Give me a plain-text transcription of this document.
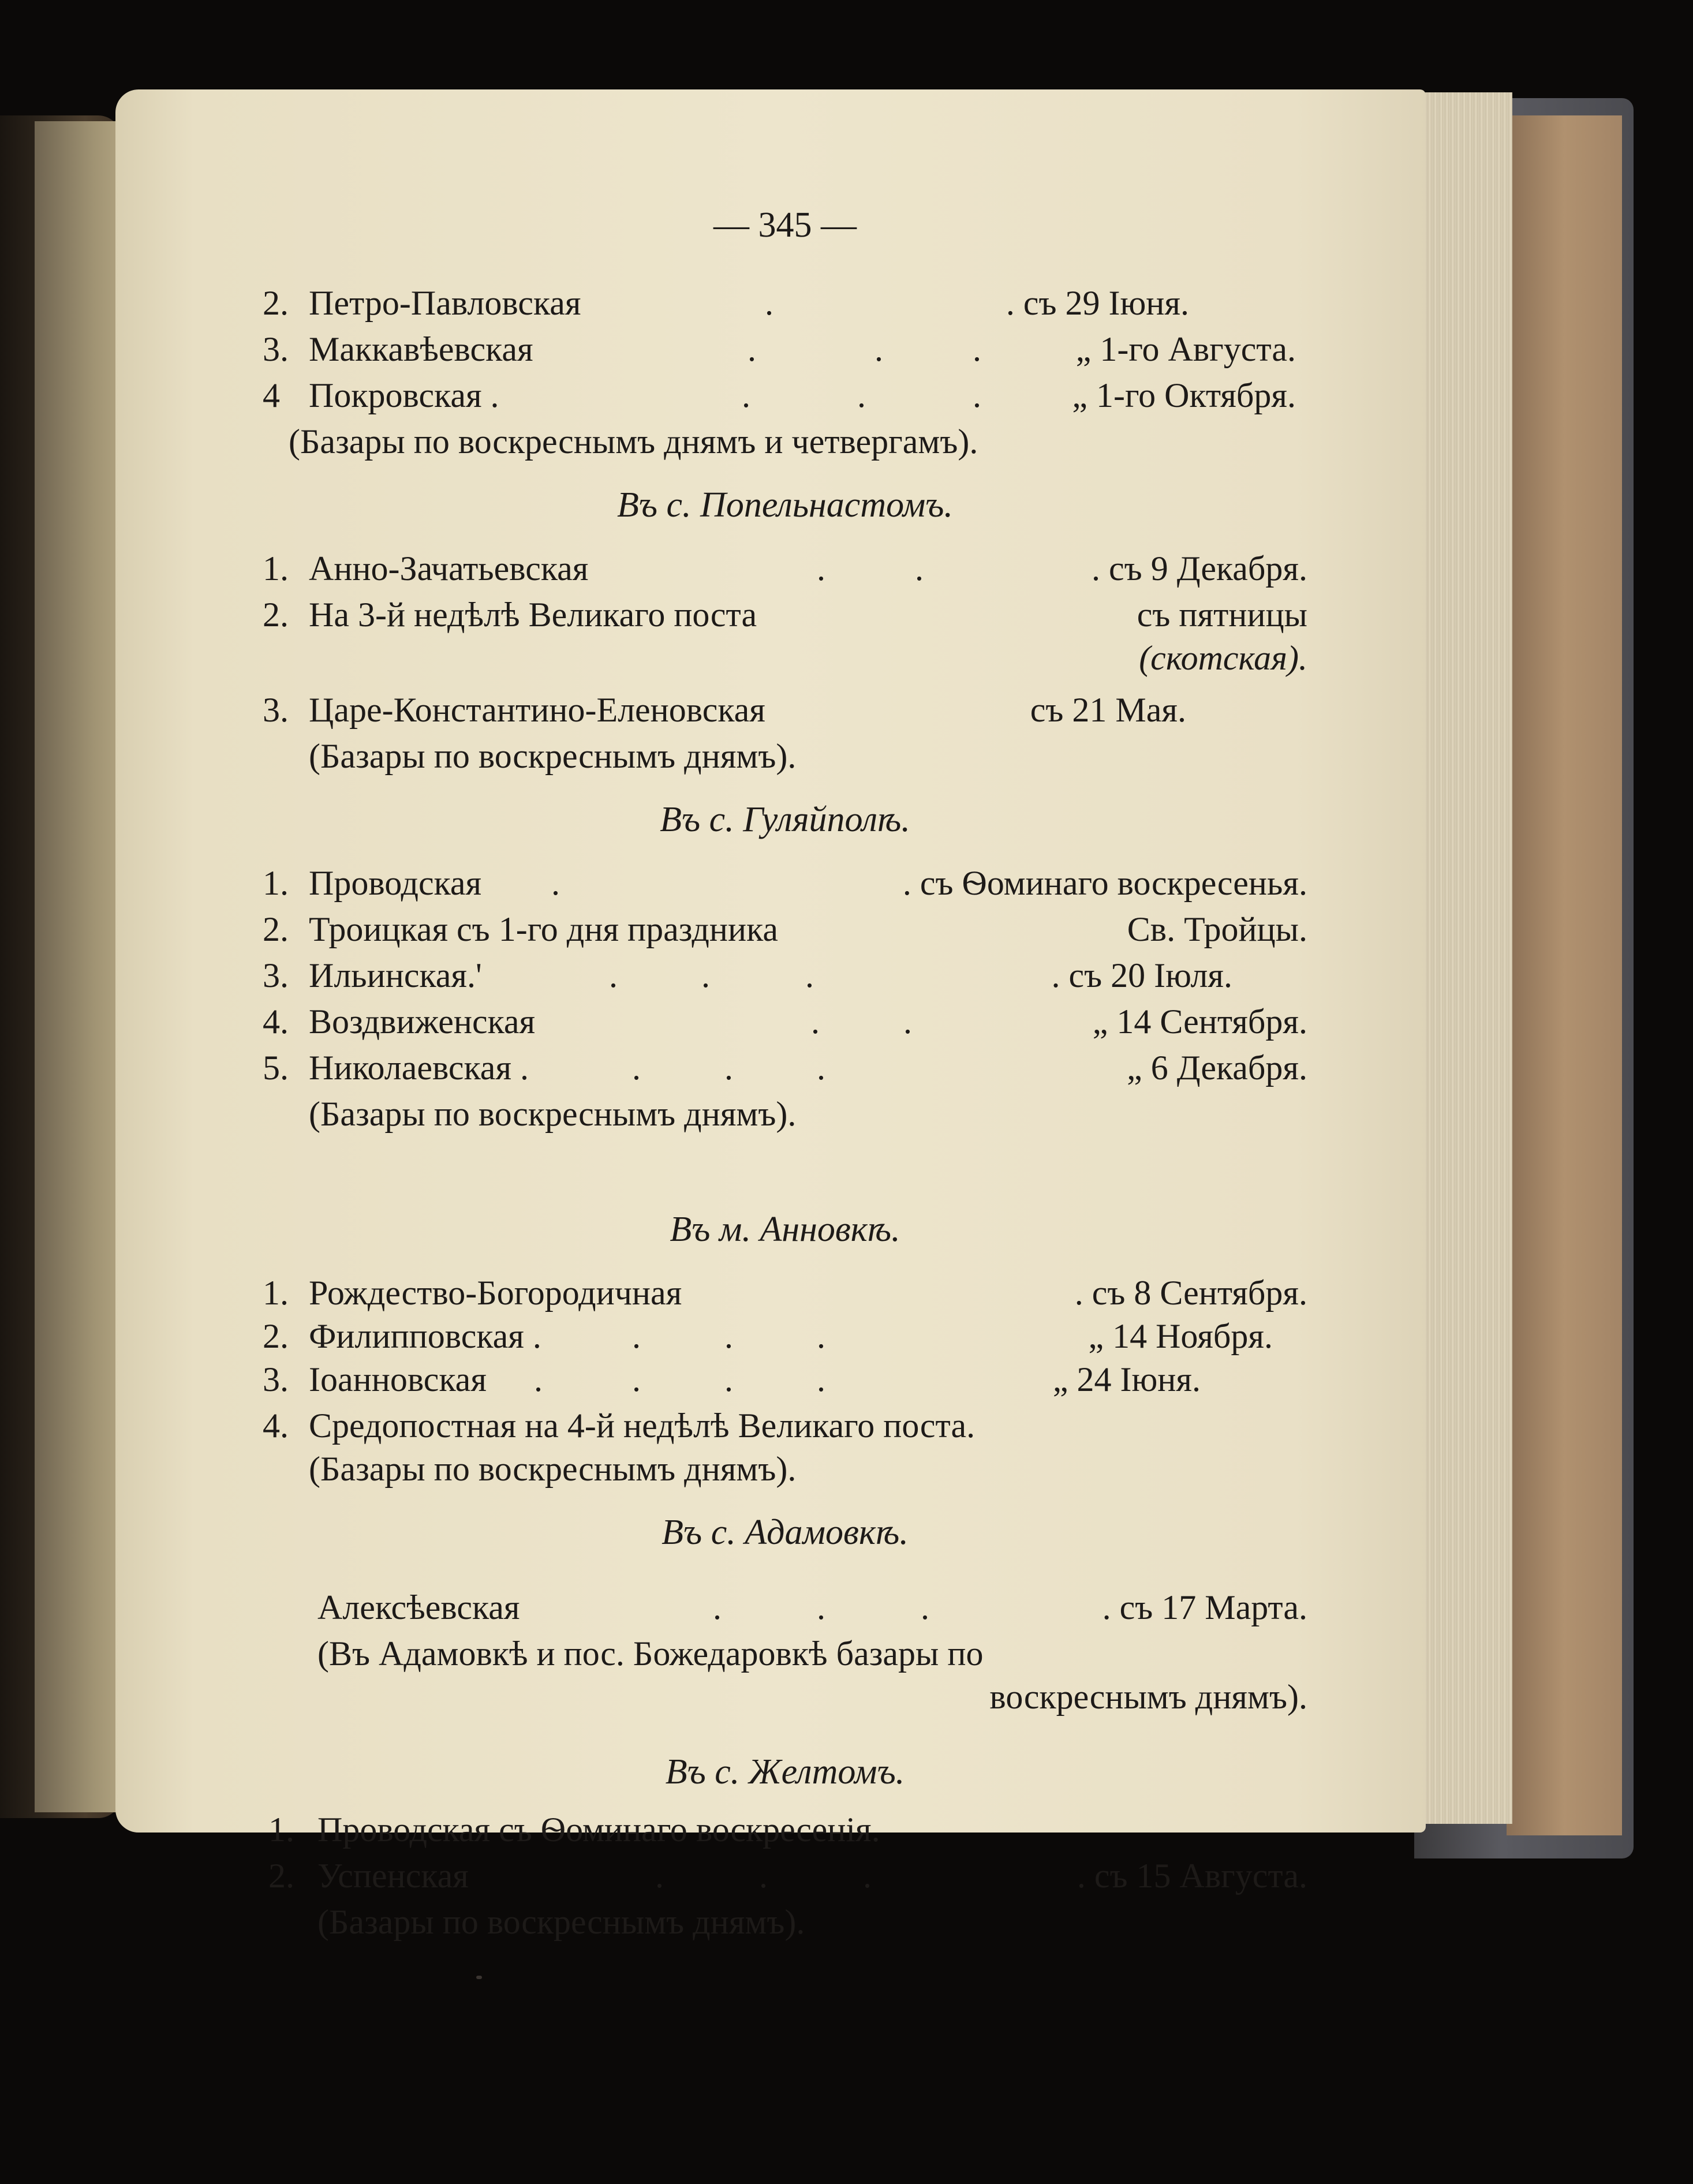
— 345 —
2. Петро-Павловская	.	. съ 29 Іюня.
3. Маккавѣевская	.	.	.	„ 1-го Августа.
4 Покровская .	.	.	.	„ 1-го Октября.
(Базары по воскреснымъ днямъ и четвергамъ).
Въ с. Попельнастомъ.
1. Анно-Зачатьевская	.	.	. съ 9 Декабря.
2. На 3-й недѣлѣ Великаго поста	съ пятницы
(скотская).
3. Царе-Константино-Еленовская	съ 21 Мая.
(Базары по воскреснымъ днямъ).
Въ с. Гуляйполѣ.
1. Проводская .	. съ Ѳоминаго воскресенья.
2. Троицкая съ 1-го дня праздника	Св. Тройцы.
3. Ильинская.'	. .	.	. съ 20 Іюля.
4. Воздвиженская	. .	„ 14 Сентября.
5. Николаевская .	. . .	„ 6 Декабря.
(Базары по воскреснымъ днямъ).
Въ м. Анновкѣ.
1. Рождество-Богородичная	. съ 8 Сентября.
2. Филипповская .	. . .	„ 14 Ноября.
3. Іоанновская .	. . .	„ 24 Іюня.
4. Средопостная на 4-й недѣлѣ Великаго поста.
(Базары по воскреснымъ днямъ).
Въ с. Адамовкѣ.
Алексѣевская	.	.	.	. съ 17 Марта.
(Въ Адамовкѣ и пос. Божедаровкѣ базары по
воскреснымъ днямъ).
Въ с. Желтомъ.
1. Проводская съ Ѳоминаго воскресенія.
2. Успенская	.	.	.	. съ 15 Августа.
(Базары по воскреснымъ днямъ).
